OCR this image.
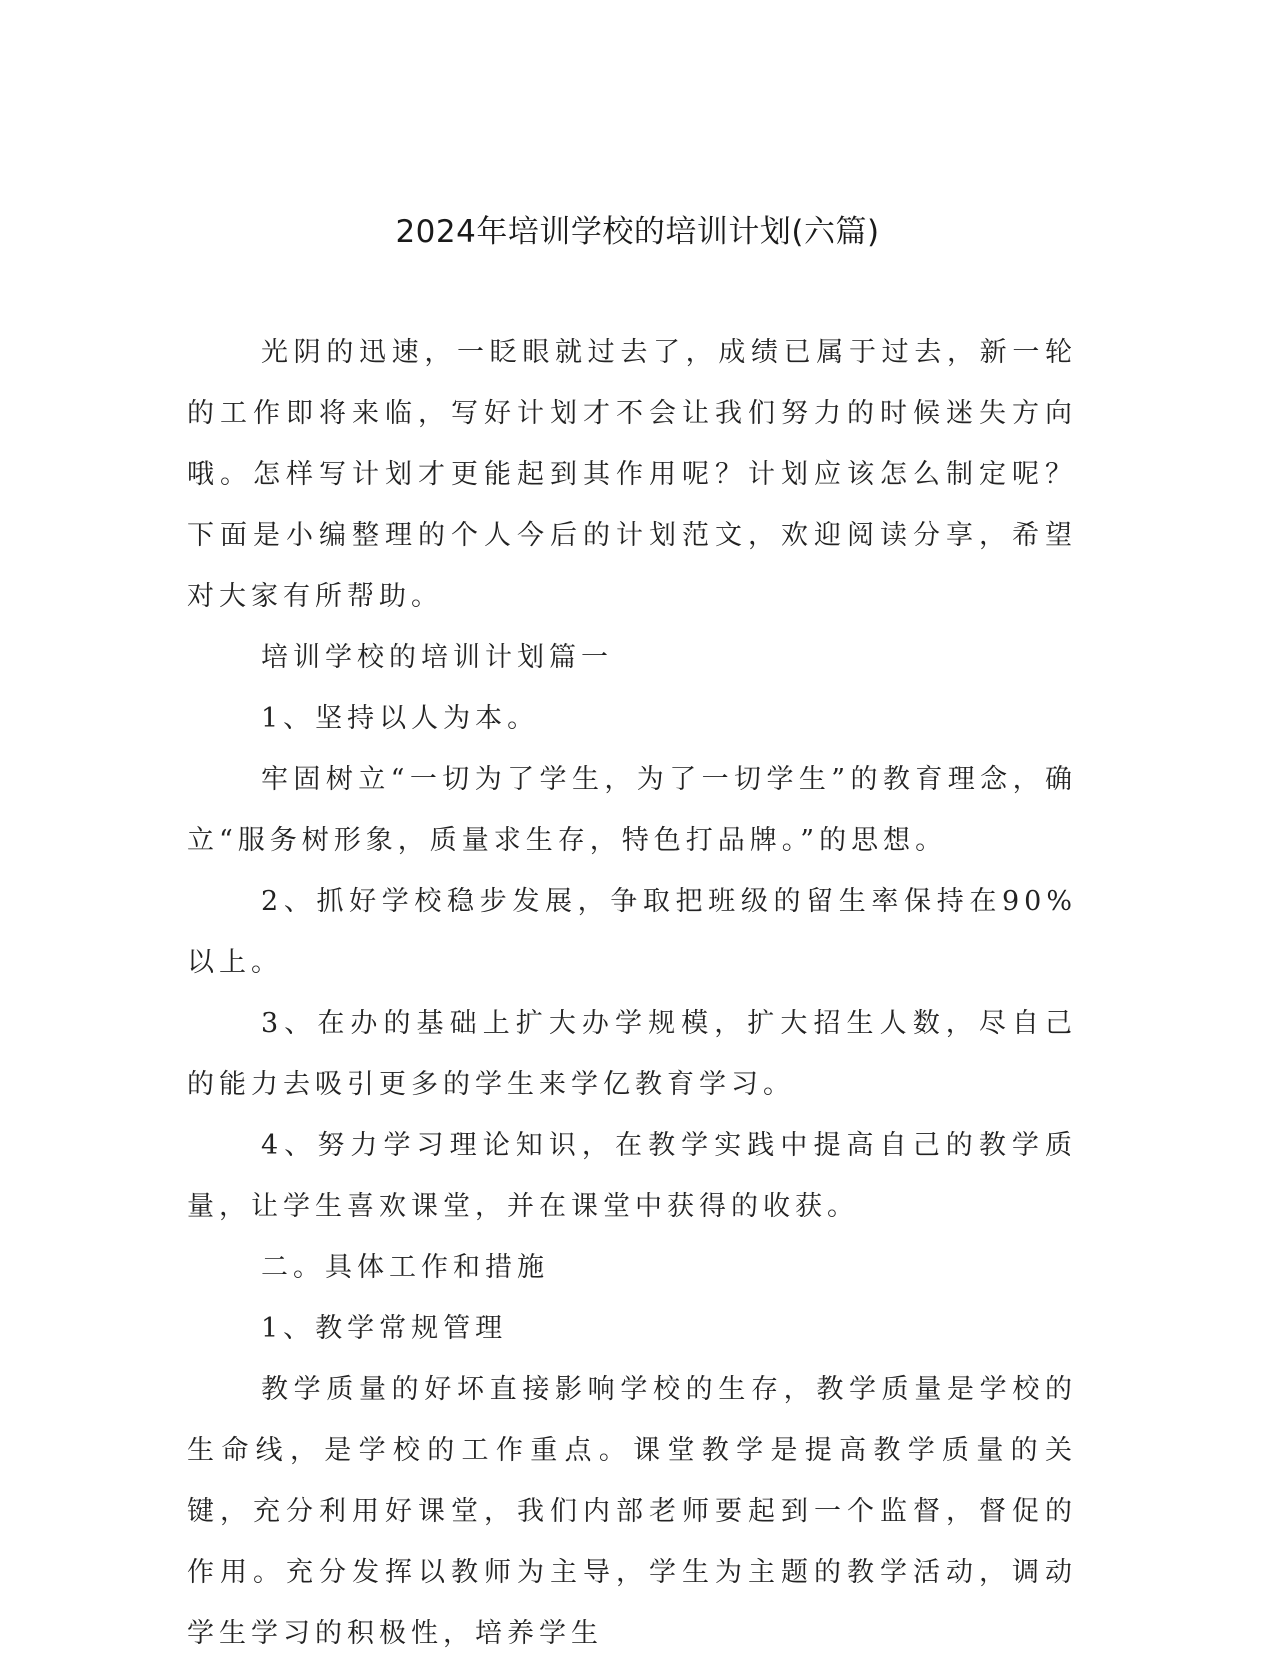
2024年培训学校的培训计划(六篇)

光阴的迅速，一眨眼就过去了，成绩已属于过去，新一轮的工作即将来临，写好计划才不会让我们努力的时候迷失方向哦。怎样写计划才更能起到其作用呢？计划应该怎么制定呢？下面是小编整理的个人今后的计划范文，欢迎阅读分享，希望对大家有所帮助。

培训学校的培训计划篇一

1、坚持以人为本。

牢固树立“一切为了学生，为了一切学生”的教育理念，确立“服务树形象，质量求生存，特色打品牌。”的思想。

2、抓好学校稳步发展，争取把班级的留生率保持在90%以上。

3、在办的基础上扩大办学规模，扩大招生人数，尽自己的能力去吸引更多的学生来学亿教育学习。

4、努力学习理论知识，在教学实践中提高自己的教学质量，让学生喜欢课堂，并在课堂中获得的收获。

二。具体工作和措施

1、教学常规管理

教学质量的好坏直接影响学校的生存，教学质量是学校的生命线，是学校的工作重点。课堂教学是提高教学质量的关键，充分利用好课堂，我们内部老师要起到一个监督，督促的作用。充分发挥以教师为主导，学生为主题的教学活动，调动学生学习的积极性，培养学生
